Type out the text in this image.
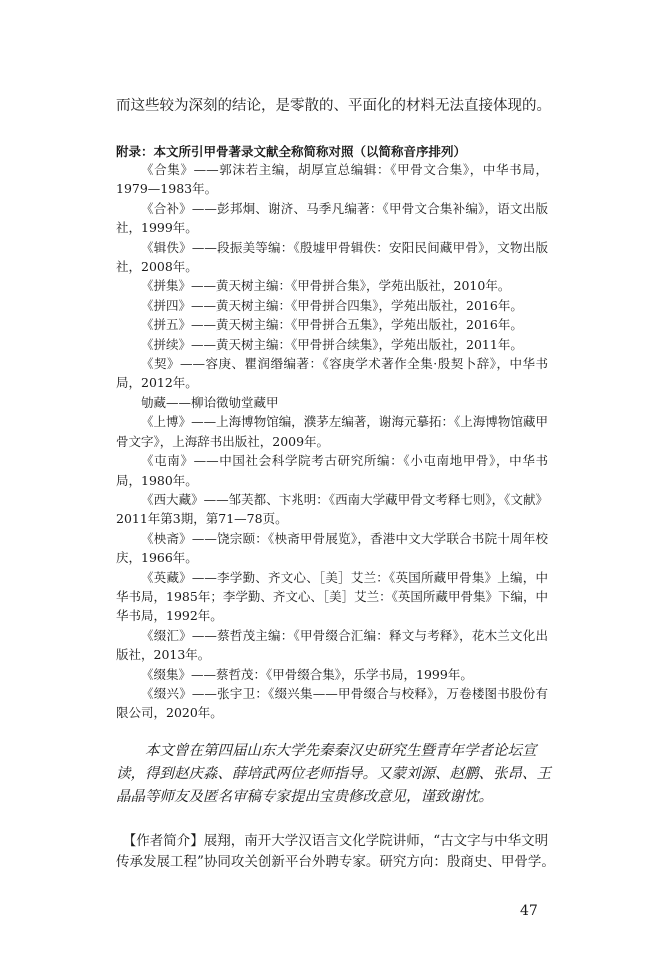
而这些较为深刻的结论，是零散的、平面化的材料无法直接体现的。

附录：本文所引甲骨著录文献全称简称对照（以简称音序排列）
《合集》——郭沫若主编，胡厚宣总编辑：《甲骨文合集》，中华书局，1979—1983年。
《合补》——彭邦炯、谢济、马季凡编著：《甲骨文合集补编》，语文出版社，1999年。
《辑佚》——段振美等编：《殷墟甲骨辑佚：安阳民间藏甲骨》，文物出版社，2008年。
《拼集》——黄天树主编：《甲骨拼合集》，学苑出版社，2010年。
《拼四》——黄天树主编：《甲骨拼合四集》，学苑出版社，2016年。
《拼五》——黄天树主编：《甲骨拼合五集》，学苑出版社，2016年。
《拼续》——黄天树主编：《甲骨拼合续集》，学苑出版社，2011年。
《契》——容庚、瞿润缗编著：《容庚学术著作全集·殷契卜辞》，中华书局，2012年。
劬藏——柳诒徵劬堂藏甲
《上博》——上海博物馆编，濮茅左编著，谢海元摹拓：《上海博物馆藏甲骨文字》，上海辞书出版社，2009年。
《屯南》——中国社会科学院考古研究所编：《小屯南地甲骨》，中华书局，1980年。
《西大藏》——邹芙都、卞兆明：《西南大学藏甲骨文考释七则》，《文献》2011年第3期，第71—78页。
《柍斋》——饶宗颐：《柍斋甲骨展览》，香港中文大学联合书院十周年校庆，1966年。
《英藏》——李学勤、齐文心、［美］艾兰：《英国所藏甲骨集》上编，中华书局，1985年；李学勤、齐文心、［美］艾兰：《英国所藏甲骨集》下编，中华书局，1992年。
《缀汇》——蔡哲茂主编：《甲骨缀合汇编：释文与考释》，花木兰文化出版社，2013年。
《缀集》——蔡哲茂：《甲骨缀合集》，乐学书局，1999年。
《缀兴》——张宇卫：《缀兴集——甲骨缀合与校释》，万卷楼图书股份有限公司，2020年。

本文曾在第四届山东大学先秦秦汉史研究生暨青年学者论坛宣读，得到赵庆淼、薛培武两位老师指导。又蒙刘源、赵鹏、张昂、王晶晶等师友及匿名审稿专家提出宝贵修改意见，谨致谢忱。

【作者简介】展翔，南开大学汉语言文化学院讲师，“古文字与中华文明传承发展工程”协同攻关创新平台外聘专家。研究方向：殷商史、甲骨学。

47
